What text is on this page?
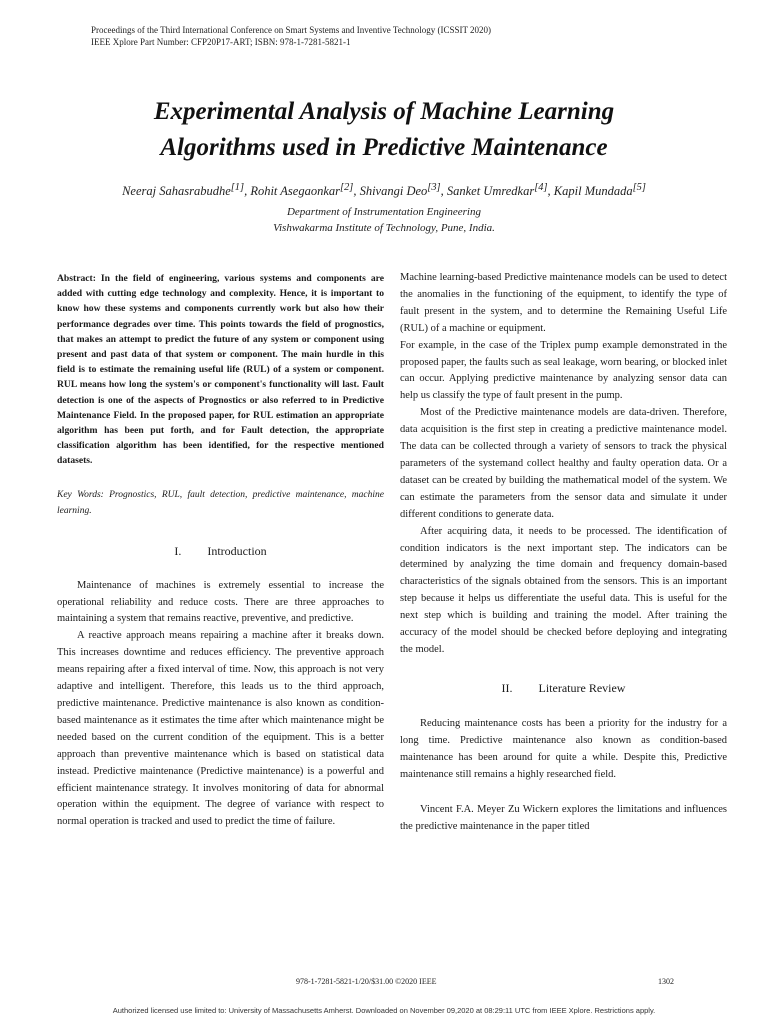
Proceedings of the Third International Conference on Smart Systems and Inventive Technology (ICSSIT 2020)
IEEE Xplore Part Number: CFP20P17-ART; ISBN: 978-1-7281-5821-1
Experimental Analysis of Machine Learning
Algorithms used in Predictive Maintenance
Neeraj Sahasrabudhe[1], Rohit Asegaonkar[2], Shivangi Deo[3], Sanket Umredkar[4], Kapil Mundada[5]
Department of Instrumentation Engineering
Vishwakarma Institute of Technology, Pune, India.

Abstract: In the field of engineering, various systems and components are added with cutting edge technology and complexity. Hence, it is important to know how these systems and components currently work but also how their performance degrades over time. This points towards the field of prognostics, that makes an attempt to predict the future of any system or component using present and past data of that system or component. The main hurdle in this field is to estimate the remaining useful life (RUL) of a system or component. RUL means how long the system's or component's functionality will last. Fault detection is one of the aspects of Prognostics or also referred to in Predictive Maintenance Field. In the proposed paper, for RUL estimation an appropriate algorithm has been put forth, and for Fault detection, the appropriate classification algorithm has been identified, for the respective mentioned datasets.

Key Words: Prognostics, RUL, fault detection, predictive maintenance, machine learning.

I. Introduction

Maintenance of machines is extremely essential to increase the operational reliability and reduce costs. There are three approaches to maintaining a system that remains reactive, preventive, and predictive.

A reactive approach means repairing a machine after it breaks down. This increases downtime and reduces efficiency. The preventive approach means repairing after a fixed interval of time. Now, this approach is not very adaptive and intelligent. Therefore, this leads us to the third approach, predictive maintenance. Predictive maintenance is also known as condition-based maintenance as it estimates the time after which maintenance might be needed based on the current condition of the equipment. This is a better approach than preventive maintenance which is based on statistical data instead. Predictive maintenance (Predictive maintenance) is a powerful and efficient maintenance strategy. It involves monitoring of data for abnormal operation within the equipment. The degree of variance with respect to normal operation is tracked and used to predict the time of failure.

Machine learning-based Predictive maintenance models can be used to detect the anomalies in the functioning of the equipment, to identify the type of fault present in the system, and to determine the Remaining Useful Life (RUL) of a machine or equipment.

For example, in the case of the Triplex pump example demonstrated in the proposed paper, the faults such as seal leakage, worn bearing, or blocked inlet can occur. Applying predictive maintenance by analyzing sensor data can help us classify the type of fault present in the pump.

Most of the Predictive maintenance models are data-driven. Therefore, data acquisition is the first step in creating a predictive maintenance model. The data can be collected through a variety of sensors to track the physical parameters of the systemand collect healthy and faulty operation data. Or a dataset can be created by building the mathematical model of the system. We can estimate the parameters from the sensor data and simulate it under different conditions to generate data.

After acquiring data, it needs to be processed. The identification of condition indicators is the next important step. The indicators can be determined by analyzing the time domain and frequency domain-based characteristics of the signals obtained from the sensors. This is an important step because it helps us differentiate the useful data. This is useful for the next step which is building and training the model. After training the accuracy of the model should be checked before deploying and integrating the model.

II. Literature Review

Reducing maintenance costs has been a priority for the industry for a long time. Predictive maintenance also known as condition-based maintenance has been around for quite a while. Despite this, Predictive maintenance still remains a highly researched field.

Vincent F.A. Meyer Zu Wickern explores the limitations and influences the predictive maintenance in the paper titled

978-1-7281-5821-1/20/$31.00 ©2020 IEEE	1302
Authorized licensed use limited to: University of Massachusetts Amherst. Downloaded on November 09,2020 at 08:29:11 UTC from IEEE Xplore. Restrictions apply.
